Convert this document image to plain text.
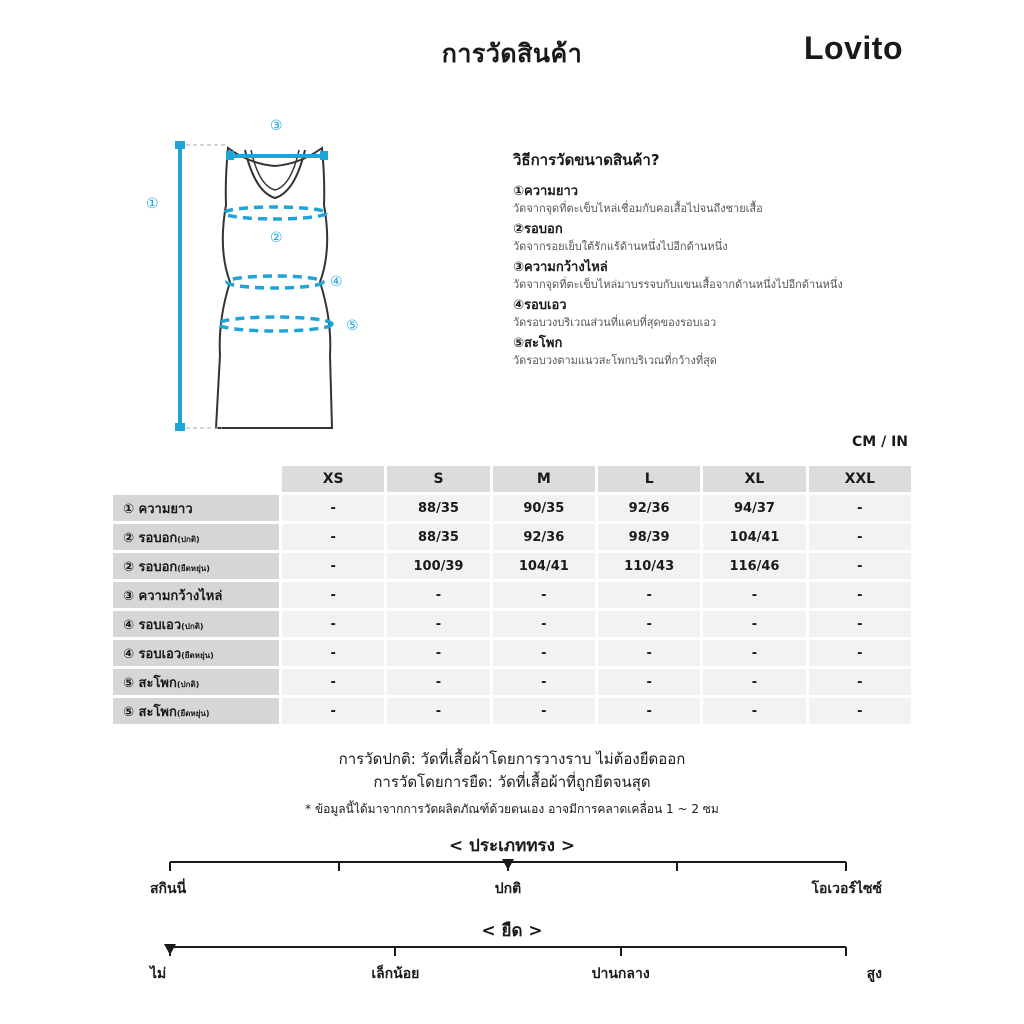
การวัดสินค้า	Lovito
③
①
②
④
⑤
วิธีการวัดขนาดสินค้า?
①ความยาว
วัดจากจุดที่ตะเข็บไหล่เชื่อมกับคอเสื้อไปจนถึงชายเสื้อ
②รอบอก
วัดจากรอยเย็บใต้รักแร้ด้านหนึ่งไปอีกด้านหนึ่ง
③ความกว้างไหล่
วัดจากจุดที่ตะเข็บไหล่มาบรรจบกับแขนเสื้อจากด้านหนึ่งไปอีกด้านหนึ่ง
④รอบเอว
วัดรอบวงบริเวณส่วนที่แคบที่สุดของรอบเอว
⑤สะโพก
วัดรอบวงตามแนวสะโพกบริเวณที่กว้างที่สุด
CM / IN
	XS	S	M	L	XL	XXL
① ความยาว	-	88/35	90/35	92/36	94/37	-
② รอบอก(ปกติ)	-	88/35	92/36	98/39	104/41	-
② รอบอก(ยืดหยุ่น)	-	100/39	104/41	110/43	116/46	-
③ ความกว้างไหล่	-	-	-	-	-	-
④ รอบเอว(ปกติ)	-	-	-	-	-	-
④ รอบเอว(ยืดหยุ่น)	-	-	-	-	-	-
⑤ สะโพก(ปกติ)	-	-	-	-	-	-
⑤ สะโพก(ยืดหยุ่น)	-	-	-	-	-	-
การวัดปกติ: วัดที่เสื้อผ้าโดยการวางราบ ไม่ต้องยืดออก
การวัดโดยการยืด: วัดที่เสื้อผ้าที่ถูกยืดจนสุด
* ข้อมูลนี้ได้มาจากการวัดผลิตภัณฑ์ด้วยตนเอง อาจมีการคลาดเคลื่อน 1 ~ 2 ซม
< ประเภททรง >
สกินนี่	ปกติ	โอเวอร์ไซซ์
< ยืด >
ไม่	เล็กน้อย	ปานกลาง	สูง
